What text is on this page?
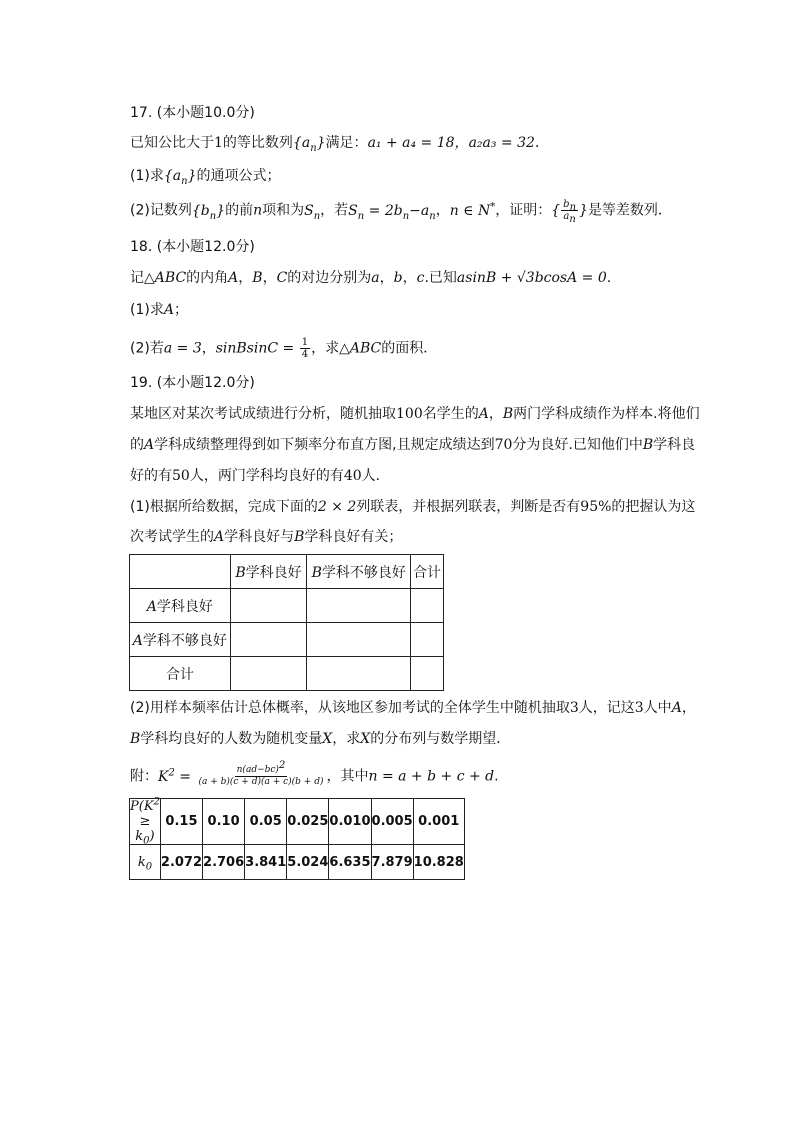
17. (本小题10.0分)
已知公比大于1的等比数列$\{a_n\}$满足：a₁ + a₄ = 18，a₂a₃ = 32．
(1)求$\{a_n\}$的通项公式；
(2)记数列$\{b_n\}$的前n项和为$S_n$，若$S_n = 2b_n-a_n$，n ∈ N*，证明：{ $\frac{b_n}{a_n}$ }是等差数列．
18. (本小题12.0分)
记△ABC的内角A，B，C的对边分别为a，b，c.已知asinB + √3bcosA = 0.
(1)求A；
(2)若a = 3，sinBsinC = $\frac{1}{4}$ ，求△ABC的面积．
19. (本小题12.0分)
某地区对某次考试成绩进行分析，随机抽取100名学生的A，B两门学科成绩作为样本.将他们
的A学科成绩整理得到如下频率分布直方图,且规定成绩达到70分为良好.已知他们中B学科良
好的有50人，两门学科均良好的有40人．
(1)根据所给数据，完成下面的2 × 2列联表，并根据列联表，判断是否有95%的把握认为这
次考试学生的A学科良好与B学科良好有关；
	B学科良好	B学科不够良好	合计
A学科良好			
A学科不够良好			
合计			
(2)用样本频率估计总体概率，从该地区参加考试的全体学生中随机抽取3人，记这3人中A，
B学科均良好的人数为随机变量X，求X的分布列与数学期望．
附：$K^2 = \frac{n(ad-bc)^2}{(a + b)(c + d)(a + c)(b + d)}$ ，其中n = a + b + c + d.
$P(K^2 \ge k_0)$	0.15	0.10	0.05	0.025	0.010	0.005	0.001
$k_0$	2.072	2.706	3.841	5.024	6.635	7.879	10.828
